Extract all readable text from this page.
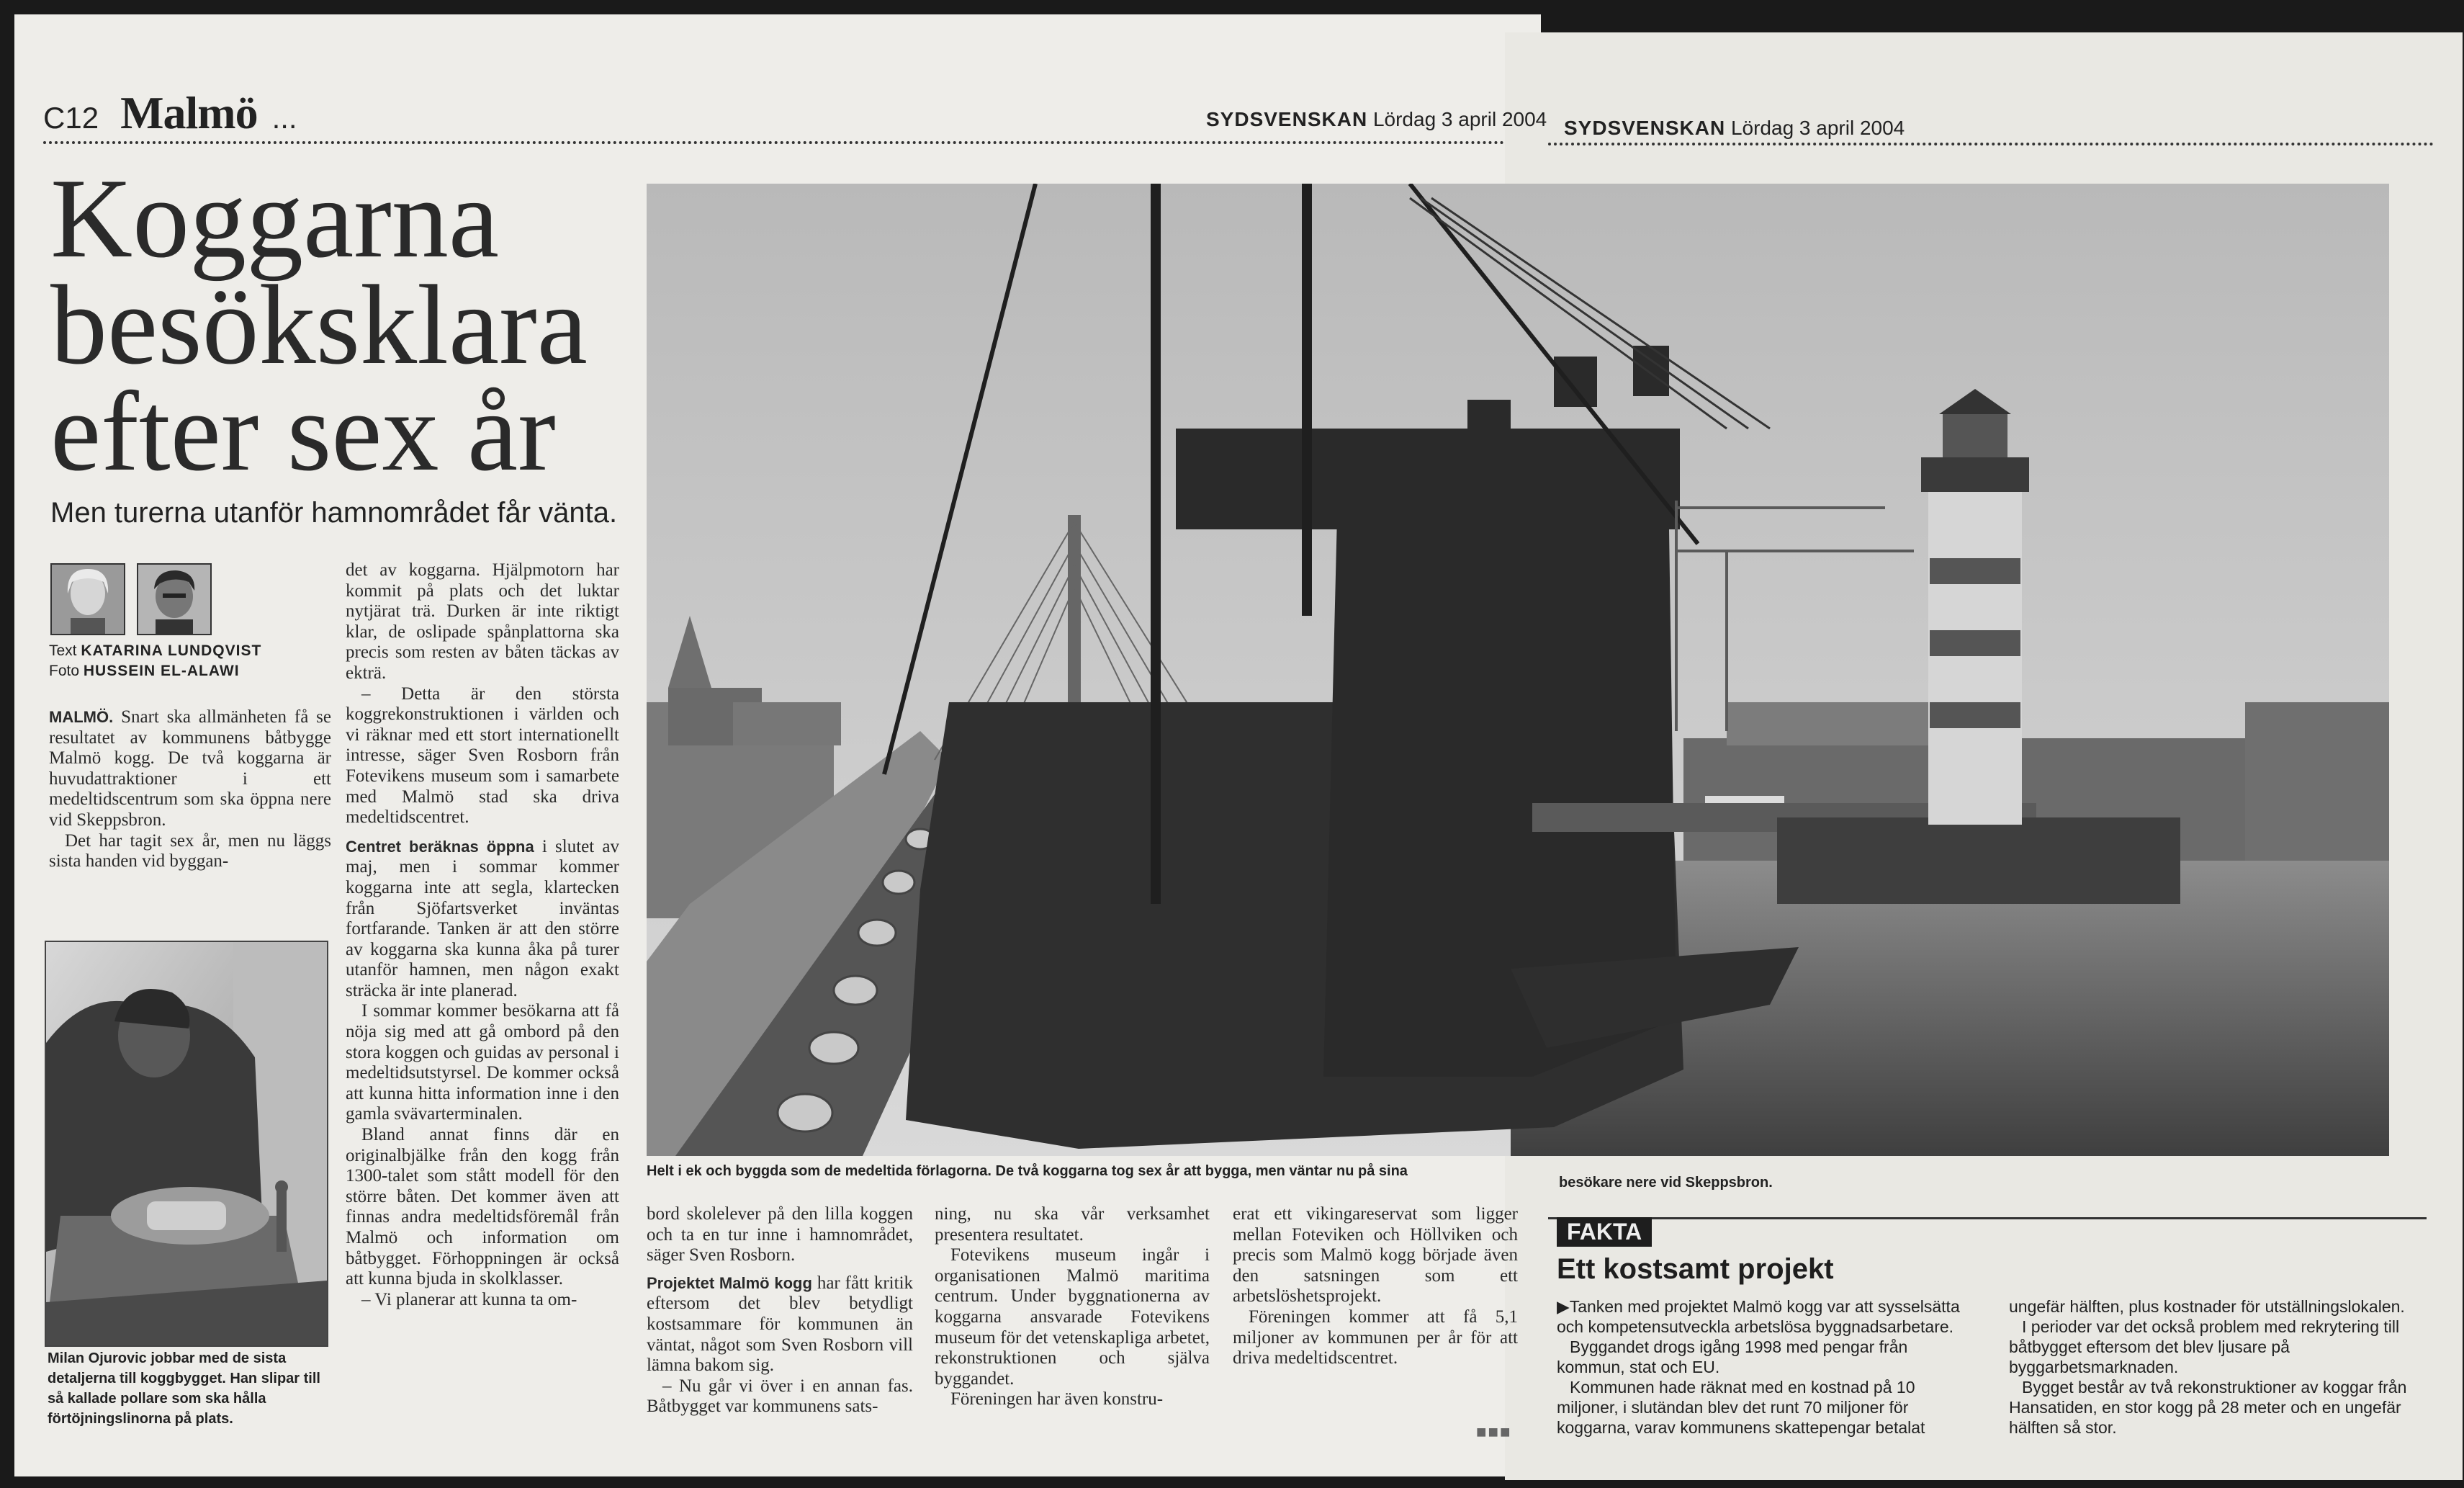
C12 Malmö ...	SYDSVENSKAN Lördag 3 april 2004 SYDSVENSKAN Lördag 3 april 2004
Koggarna
besöksklara
efter sex år
Men turerna utanför hamnområdet får vänta.
Text KATARINA LUNDQVIST
Foto HUSSEIN EL-ALAWI

MALMÖ. Snart ska allmänheten få se resultatet av kommunens båtbygge Malmö kogg. De två koggarna är huvudattraktioner i ett medeltidscentrum som ska öppna nere vid Skeppsbron.

Det har tagit sex år, men nu läggs sista handen vid byggan-

Milan Ojurovic jobbar med de sista detaljerna till koggbygget. Han slipar till så kallade pollare som ska hålla förtöjningslinorna på plats.

det av koggarna. Hjälpmotorn har kommit på plats och det luktar nytjärat trä. Durken är inte riktigt klar, de oslipade spånplattorna ska precis som resten av båten täckas av ekträ.

– Detta är den största koggrekonstruktionen i världen och vi räknar med ett stort internationellt intresse, säger Sven Rosborn från Fotevikens museum som i samarbete med Malmö stad ska driva medeltidscentret.

Centret beräknas öppna i slutet av maj, men i sommar kommer koggarna inte att segla, klartecken från Sjöfartsverket inväntas fortfarande. Tanken är att den större av koggarna ska kunna åka på turer utanför hamnen, men någon exakt sträcka är inte planerad.

I sommar kommer besökarna att få nöja sig med att gå ombord på den stora koggen och guidas av personal i medeltidsutstyrsel. De kommer också att kunna hitta information inne i den gamla svävarterminalen.

Bland annat finns där en originalbjälke från den kogg från 1300-talet som stått modell för den större båten. Det kommer även att finnas andra medeltidsföremål från Malmö och information om båtbygget. Förhoppningen är också att kunna bjuda in skolklasser.

– Vi planerar att kunna ta om-

Helt i ek och byggda som de medeltida förlagorna. De två koggarna tog sex år att bygga, men väntar nu på sina
besökare nere vid Skeppsbron.

bord skolelever på den lilla koggen och ta en tur inne i hamnområdet, säger Sven Rosborn.

Projektet Malmö kogg har fått kritik eftersom det blev betydligt kostsammare för kommunen än väntat, något som Sven Rosborn vill lämna bakom sig.

– Nu går vi över i en annan fas. Båtbygget var kommunens sats-

ning, nu ska vår verksamhet presentera resultatet.

Fotevikens museum ingår i organisationen Malmö maritima centrum. Under byggnationerna av koggarna ansvarade Fotevikens museum för det vetenskapliga arbetet, rekonstruktionen och själva byggandet.

Föreningen har även konstru-

erat ett vikingareservat som ligger mellan Foteviken och Höllviken och precis som Malmö kogg började även den satsningen som ett arbetslöshetsprojekt.

Föreningen kommer att få 5,1 miljoner av kommunen per år för att driva medeltidscentret.

■■■
FAKTA
Ett kostsamt projekt

▶Tanken med projektet Malmö kogg var att sysselsätta och kompetensutveckla arbetslösa byggnadsarbetare.

Byggandet drogs igång 1998 med pengar från kommun, stat och EU.

Kommunen hade räknat med en kostnad på 10 miljoner, i slutändan blev det runt 70 miljoner för koggarna, varav kommunens skattepengar betalat

ungefär hälften, plus kostnader för utställningslokalen.

I perioder var det också problem med rekrytering till båtbygget eftersom det blev ljusare på byggarbetsmarknaden.

Bygget består av två rekonstruktioner av koggar från Hansatiden, en stor kogg på 28 meter och en ungefär hälften så stor.
